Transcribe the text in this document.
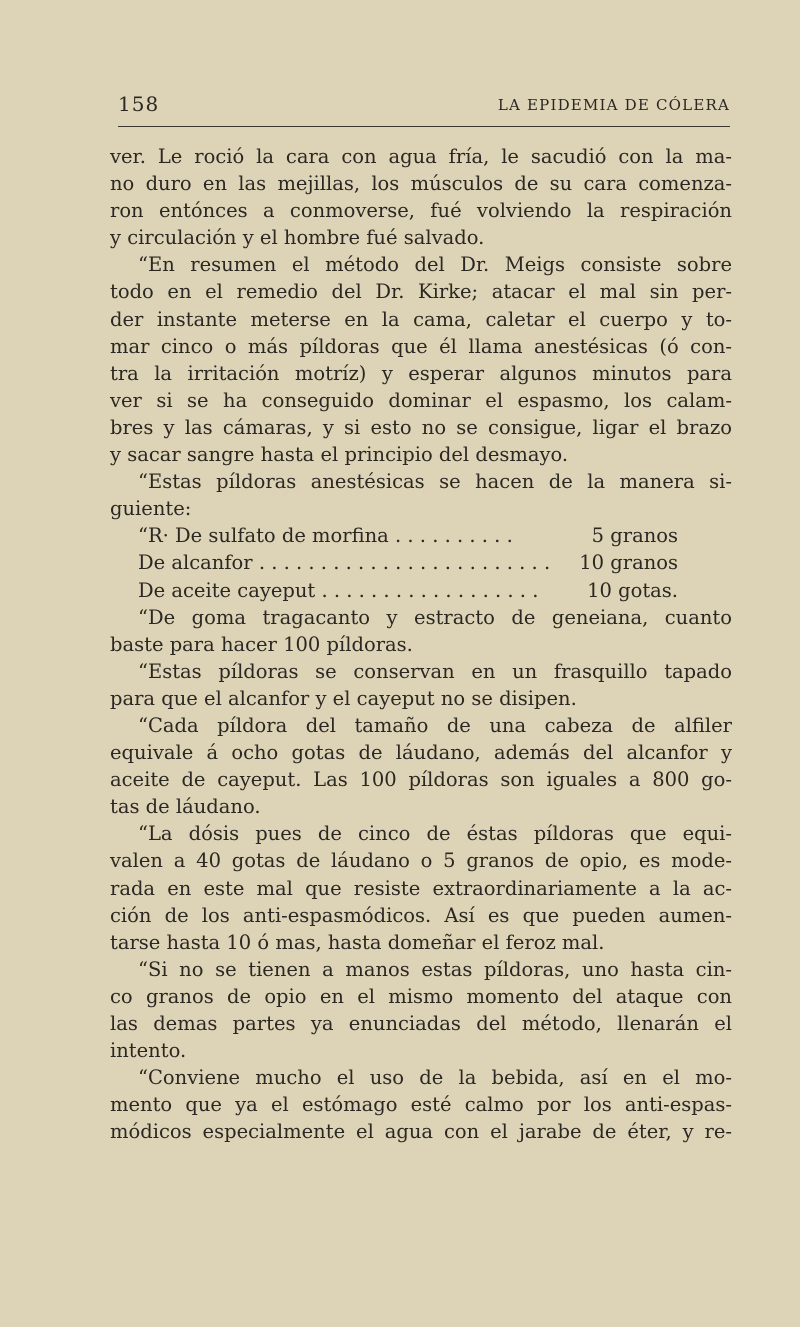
158	LA EPIDEMIA DE CÓLERA
ver. Le roció la cara con agua fría, le sacudió con la ma-
no duro en las mejillas, los músculos de su cara comenza-
ron entónces a conmoverse, fué volviendo la respiración
y circulación y el hombre fué salvado.
“En resumen el método del Dr. Meigs consiste sobre
todo en el remedio del Dr. Kirke; atacar el mal sin per-
der instante meterse en la cama, caletar el cuerpo y to-
mar cinco o más píldoras que él llama anestésicas (ó con-
tra la irritación motríz) y esperar algunos minutos para
ver si se ha conseguido dominar el espasmo, los calam-
bres y las cámaras, y si esto no se consigue, ligar el brazo
y sacar sangre hasta el principio del desmayo.
“Estas píldoras anestésicas se hacen de la manera si-
guiente:
“R· De sulfato de morfina . . . . . . . . . .	5 granos
De alcanfor . . . . . . . . . . . . . . . . . . . . . . . . 10 granos
De aceite cayeput . . . . . . . . . . . . . . . . . . 10 gotas.
“De goma tragacanto y estracto de geneiana, cuanto
baste para hacer 100 píldoras.
“Estas píldoras se conservan en un frasquillo tapado
para que el alcanfor y el cayeput no se disipen.
“Cada píldora del tamaño de una cabeza de alfiler
equivale á ocho gotas de láudano, además del alcanfor y
aceite de cayeput. Las 100 píldoras son iguales a 800 go-
tas de láudano.
“La dósis pues de cinco de éstas píldoras que equi-
valen a 40 gotas de láudano o 5 granos de opio, es mode-
rada en este mal que resiste extraordinariamente a la ac-
ción de los anti-espasmódicos. Así es que pueden aumen-
tarse hasta 10 ó mas, hasta domeñar el feroz mal.
“Si no se tienen a manos estas píldoras, uno hasta cin-
co granos de opio en el mismo momento del ataque con
las demas partes ya enunciadas del método, llenarán el
intento.
“Conviene mucho el uso de la bebida, así en el mo-
mento que ya el estómago esté calmo por los anti-espas-
módicos especialmente el agua con el jarabe de éter, y re-
